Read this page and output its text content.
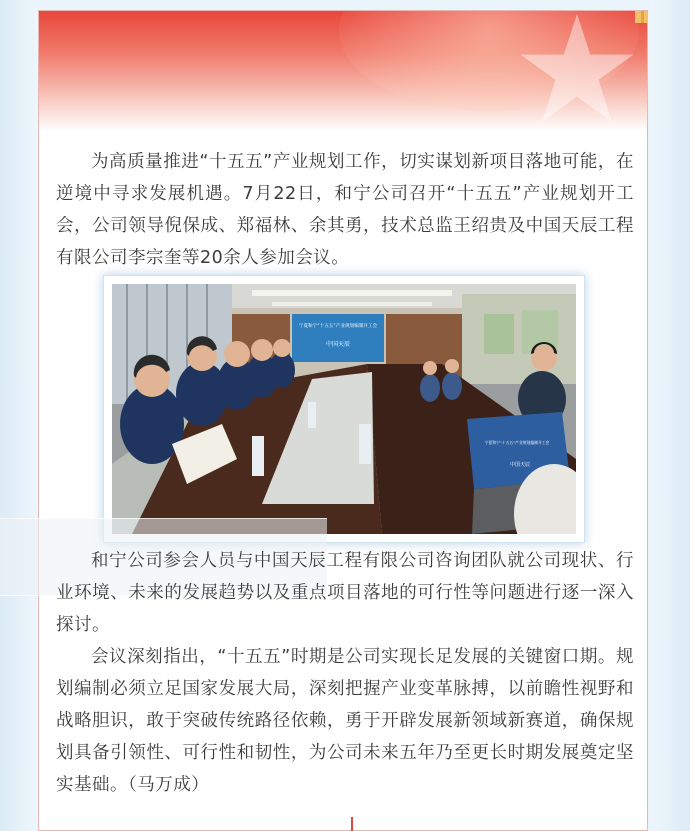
为高质量推进“十五五”产业规划工作，切实谋划新项目落地可能，在逆境中寻求发展机遇。7月22日，和宁公司召开“十五五”产业规划开工会，公司领导倪保成、郑福林、余其勇，技术总监王绍贵及中国天辰工程有限公司李宗奎等20余人参加会议。

宁夏和宁“十五五”产业规划编制开工会
中国天辰
宁夏和宁“十五五”产业规划编制开工会
中国天辰

和宁公司参会人员与中国天辰工程有限公司咨询团队就公司现状、行业环境、未来的发展趋势以及重点项目落地的可行性等问题进行逐一深入探讨。

会议深刻指出，“十五五”时期是公司实现长足发展的关键窗口期。规划编制必须立足国家发展大局，深刻把握产业变革脉搏，以前瞻性视野和战略胆识，敢于突破传统路径依赖，勇于开辟发展新领域新赛道，确保规划具备引领性、可行性和韧性，为公司未来五年乃至更长时期发展奠定坚实基础。（马万成）
